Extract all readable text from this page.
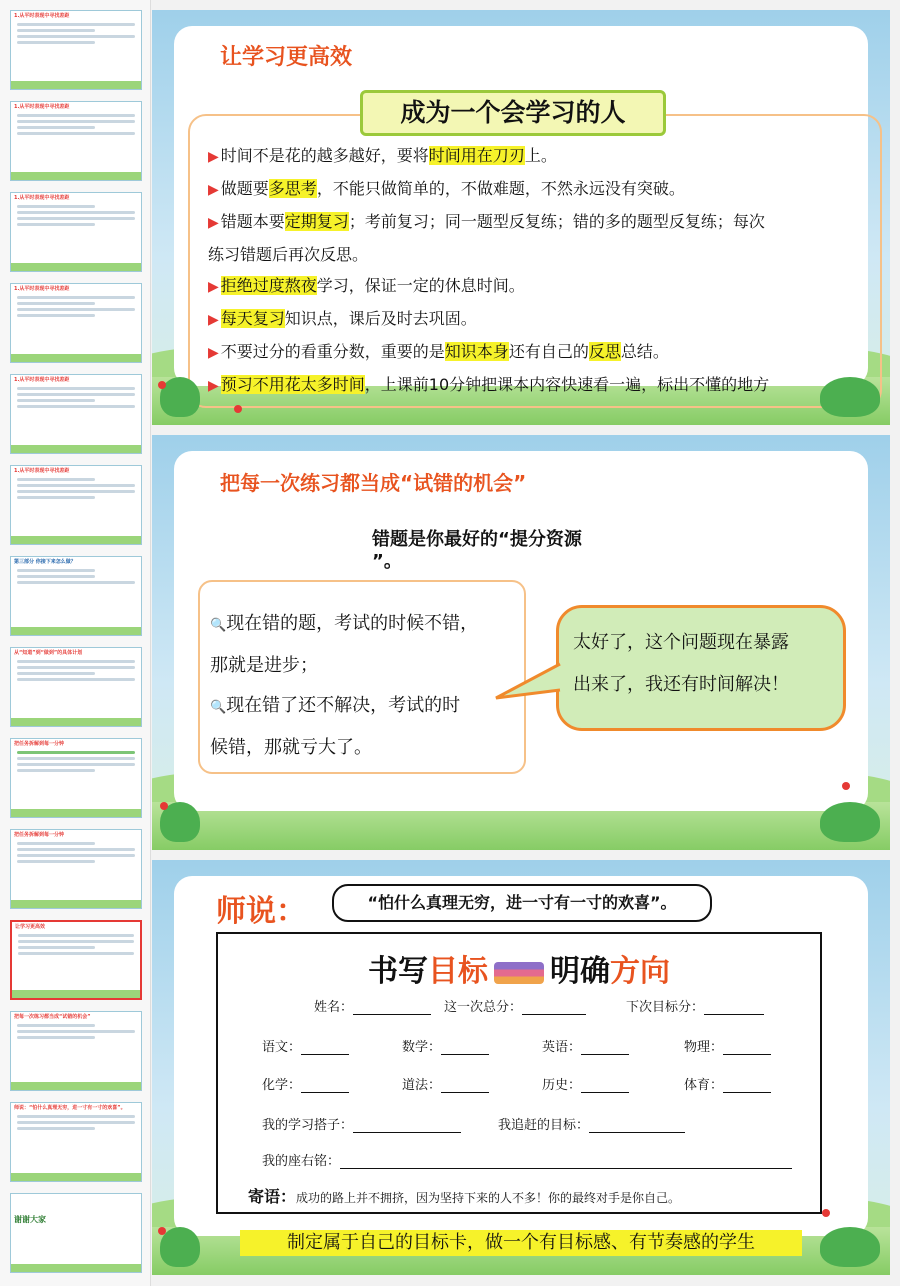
1.从平时表现中寻找差距
1.从平时表现中寻找差距
1.从平时表现中寻找差距
1.从平时表现中寻找差距
1.从平时表现中寻找差距
1.从平时表现中寻找差距
第三部分 你接下来怎么做？
从“知道”到“做到”的具体计划
把任务拆解到每一分钟
把任务拆解到每一分钟
让学习更高效
把每一次练习都当成“试错的机会”
师说：“怕什么真理无穷，进一寸有一寸的欢喜”。
谢谢大家
让学习更高效
成为一个会学习的人

▶ 时间不是花的越多越好，要将时间用在刀刃上。

▶ 做题要多思考，不能只做简单的，不做难题，不然永远没有突破。

▶ 错题本要定期复习；考前复习；同一题型反复练；错的多的题型反复练；每次

练习错题后再次反思。

▶ 拒绝过度熬夜学习，保证一定的休息时间。

▶ 每天复习知识点，课后及时去巩固。

▶ 不要过分的看重分数，重要的是知识本身还有自己的反思总结。

▶ 预习不用花太多时间，上课前10分钟把课本内容快速看一遍，标出不懂的地方

把每一次练习都当成“试错的机会”
错题是你最好的“提分资源
”。
🔍现在错的题，考试的时候不错，
那就是进步；
🔍现在错了还不解决，考试的时
候错，那就亏大了。
太好了，这个问题现在暴露
出来了，我还有时间解决！
师说：	“怕什么真理无穷，进一寸有一寸的欢喜”。
书写目标 明确方向
姓名：	这一次总分：	下次目标分：
语文：	数学：	英语：	物理：
化学：	道法：	历史：	体育：
我的学习搭子：	我追赶的目标：
我的座右铭：
寄语：成功的路上并不拥挤，因为坚持下来的人不多！你的最终对手是你自己。
制定属于自己的目标卡，做一个有目标感、有节奏感的学生
